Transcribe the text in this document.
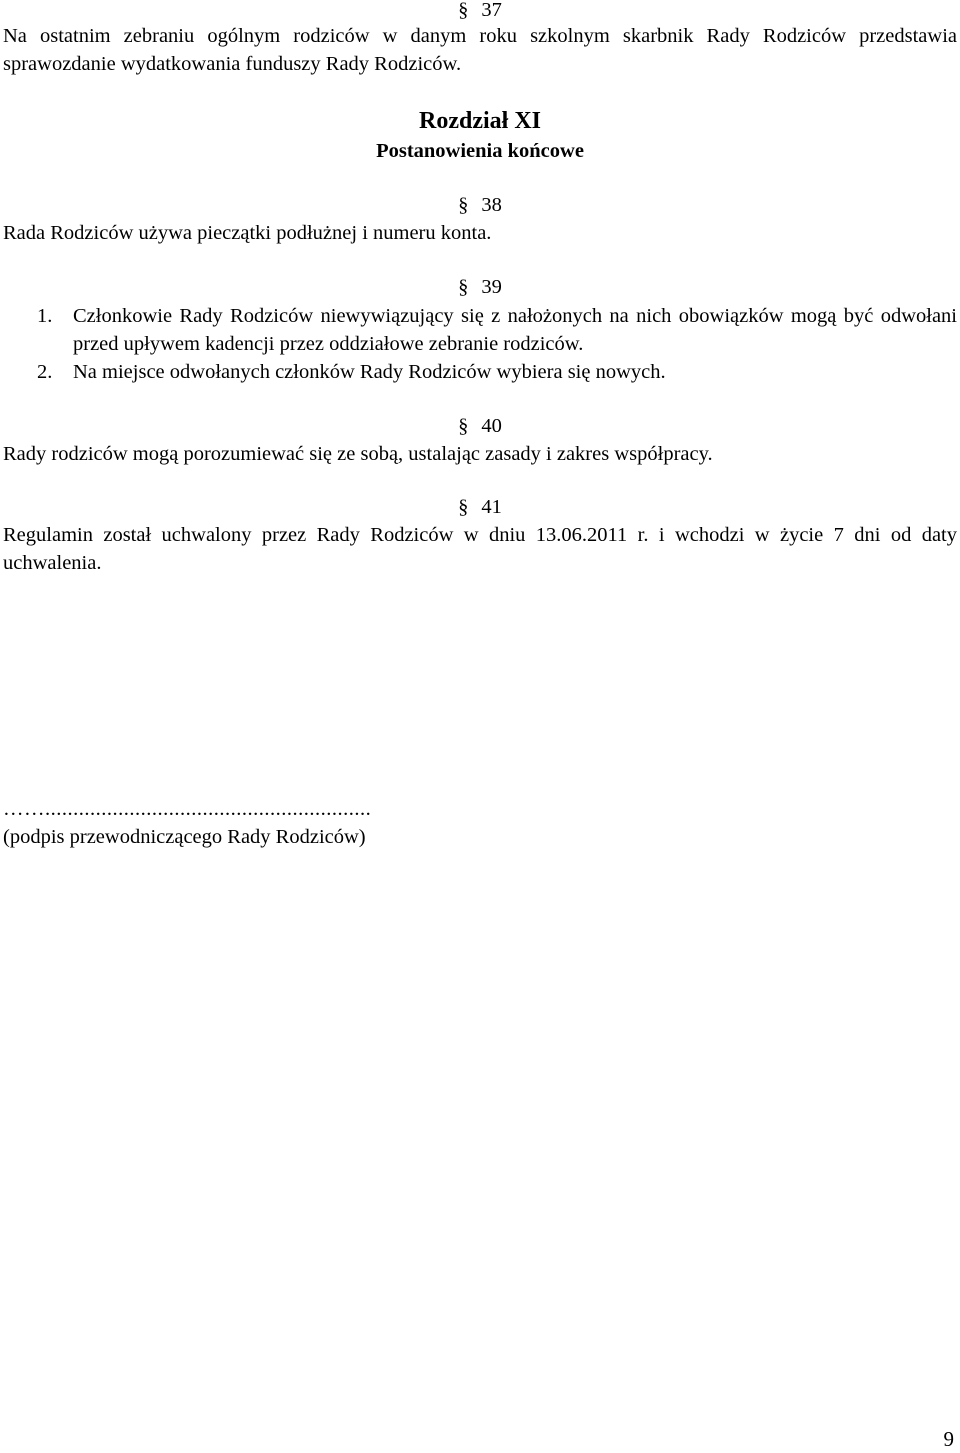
§ 37

Na ostatnim zebraniu ogólnym rodziców w danym roku szkolnym skarbnik Rady Rodziców przedstawia sprawozdanie wydatkowania funduszy Rady Rodziców.

Rozdział XI
Postanowienia końcowe
§ 38

Rada Rodziców używa pieczątki podłużnej i numeru konta.

§ 39
1. Członkowie Rady Rodziców niewywiązujący się z nałożonych na nich obowiązków mogą być odwołani przed upływem kadencji przez oddziałowe zebranie rodziców.
2. Na miejsce odwołanych członków Rady Rodziców wybiera się nowych.
§ 40

Rady rodziców mogą porozumiewać się ze sobą, ustalając zasady i zakres współpracy.

§ 41

Regulamin został uchwalony przez Rady Rodziców w dniu 13.06.2011 r. i wchodzi w życie 7 dni od daty uchwalenia.

……..........................................................
(podpis przewodniczącego Rady Rodziców)
9
